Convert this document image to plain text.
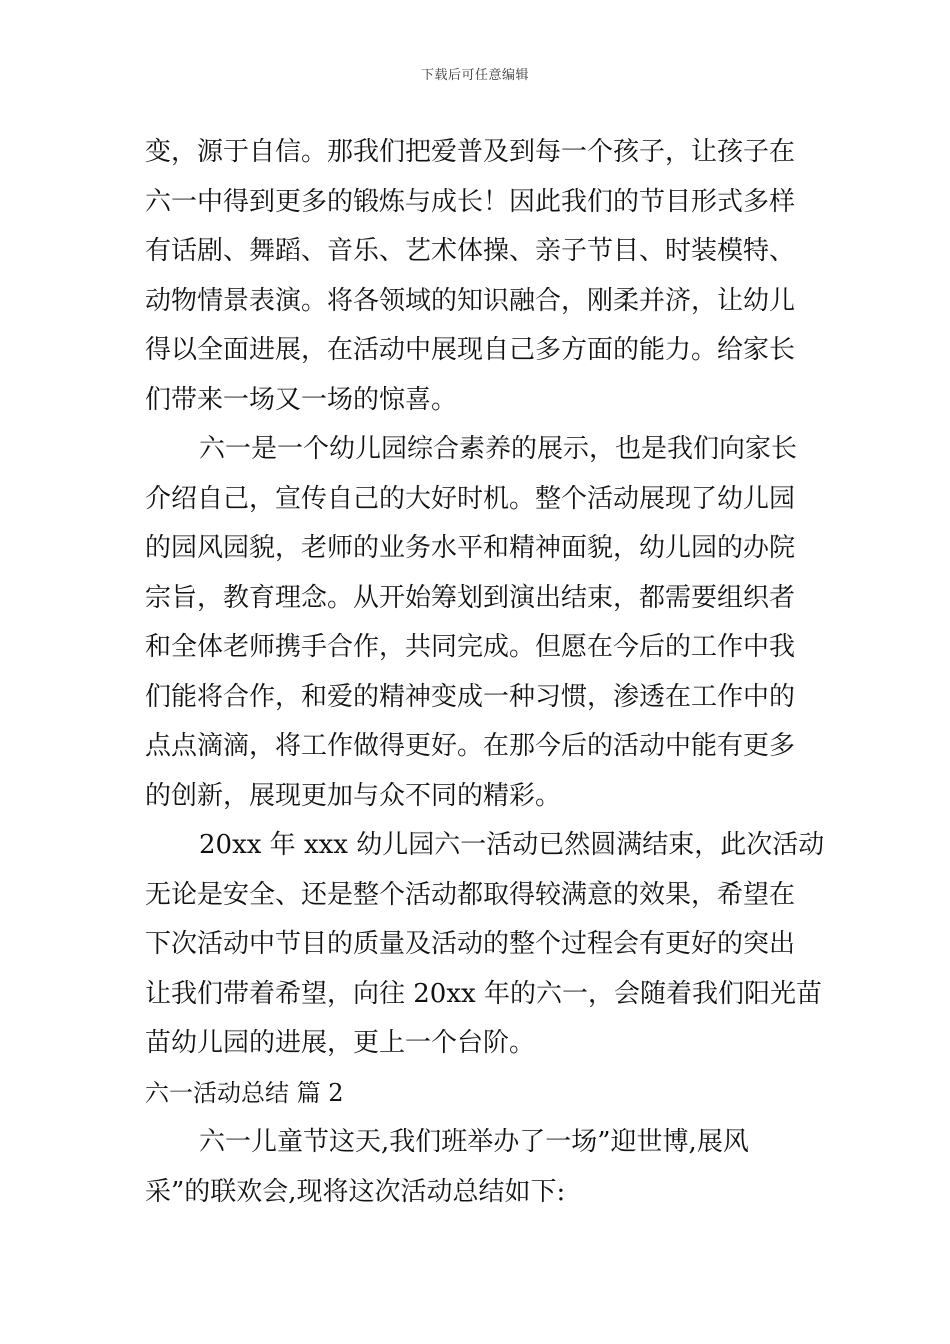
下载后可任意编辑
变，源于自信。那我们把爱普及到每一个孩子，让孩子在
六一中得到更多的锻炼与成长！因此我们的节目形式多样
有话剧、舞蹈、音乐、艺术体操、亲子节目、时装模特、
动物情景表演。将各领域的知识融合，刚柔并济，让幼儿
得以全面进展，在活动中展现自己多方面的能力。给家长
们带来一场又一场的惊喜。
六一是一个幼儿园综合素养的展示，也是我们向家长
介绍自己，宣传自己的大好时机。整个活动展现了幼儿园
的园风园貌，老师的业务水平和精神面貌，幼儿园的办院
宗旨，教育理念。从开始筹划到演出结束，都需要组织者
和全体老师携手合作，共同完成。但愿在今后的工作中我
们能将合作，和爱的精神变成一种习惯，渗透在工作中的
点点滴滴，将工作做得更好。在那今后的活动中能有更多
的创新，展现更加与众不同的精彩。
20xx 年 xxx 幼儿园六一活动已然圆满结束，此次活动
无论是安全、还是整个活动都取得较满意的效果，希望在
下次活动中节目的质量及活动的整个过程会有更好的突出
让我们带着希望，向往 20xx 年的六一，会随着我们阳光苗
苗幼儿园的进展，更上一个台阶。
六一活动总结 篇 2
六一儿童节这天,我们班举办了一场”迎世博,展风
采”的联欢会,现将这次活动总结如下:
